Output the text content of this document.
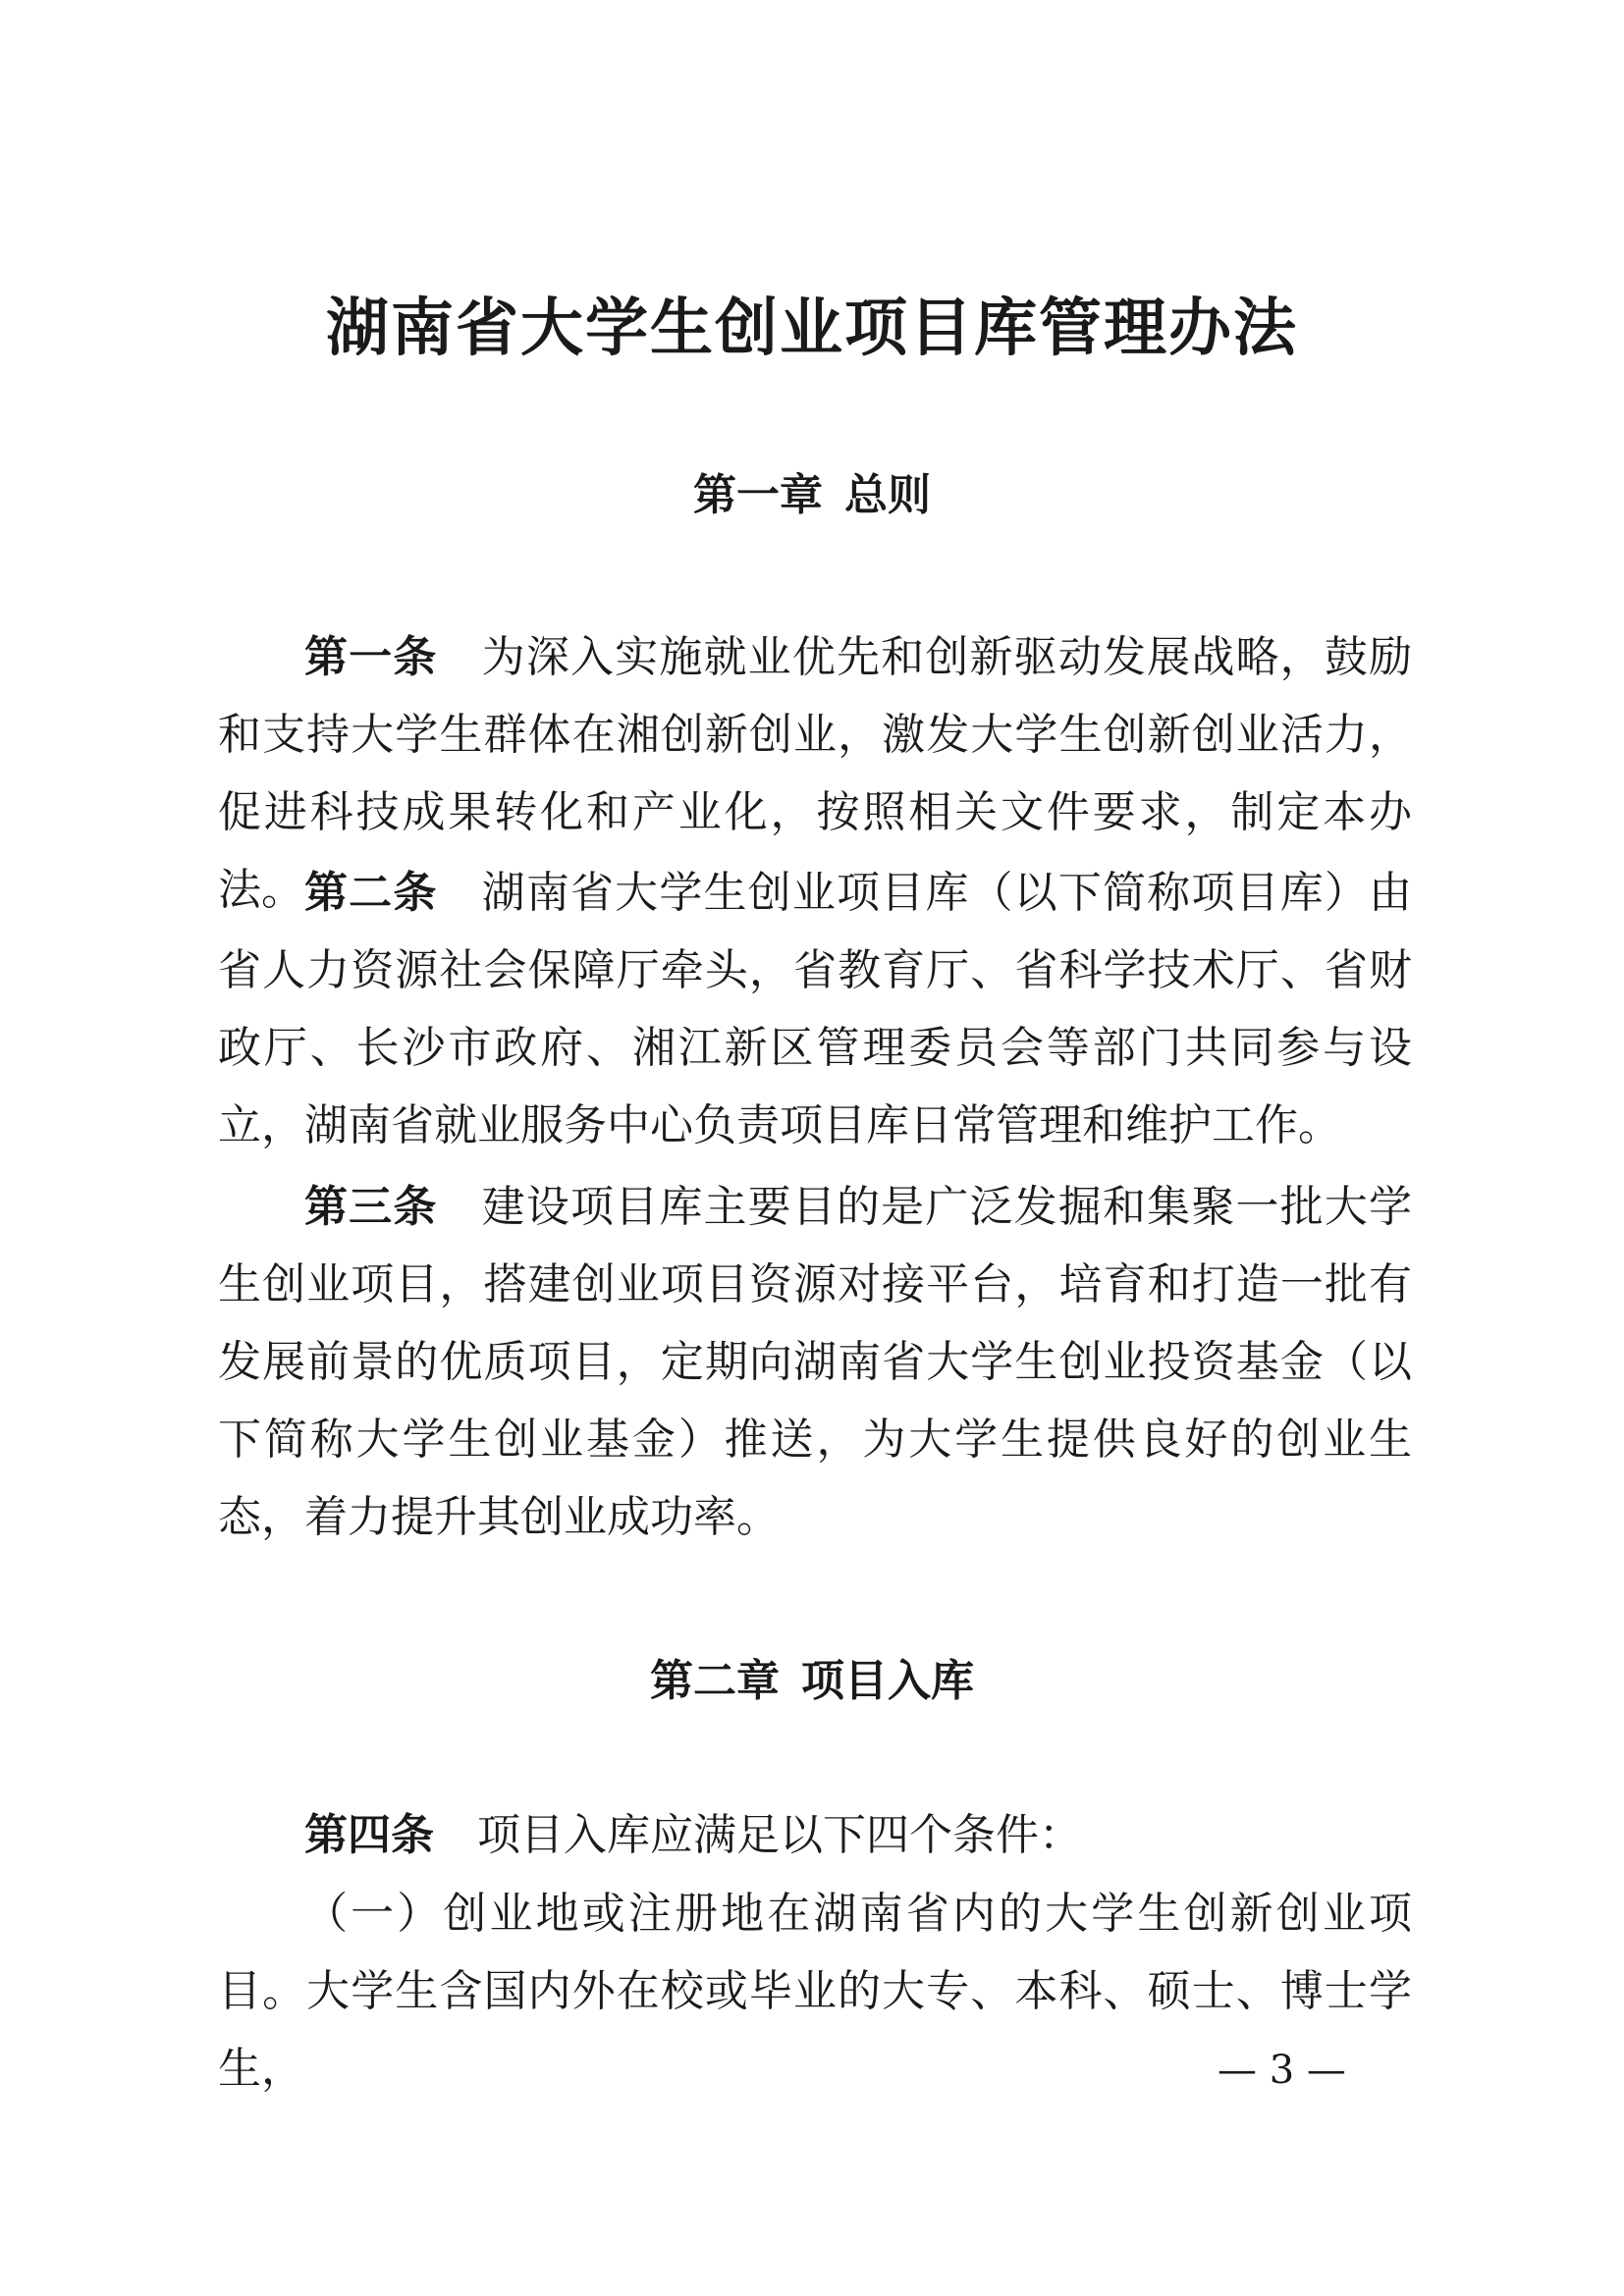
湖南省大学生创业项目库管理办法
第一章 总则

第一条 为深入实施就业优先和创新驱动发展战略，鼓励和支持大学生群体在湘创新创业，激发大学生创新创业活力，促进科技成果转化和产业化，按照相关文件要求，制定本办法。 第二条 湖南省大学生创业项目库（以下简称项目库）由省人力资源社会保障厅牵头，省教育厅、省科学技术厅、省财政厅、长沙市政府、湘江新区管理委员会等部门共同参与设立，湖南省就业服务中心负责项目库日常管理和维护工作。

第三条 建设项目库主要目的是广泛发掘和集聚一批大学生创业项目，搭建创业项目资源对接平台，培育和打造一批有发展前景的优质项目，定期向湖南省大学生创业投资基金（以下简称大学生创业基金）推送，为大学生提供良好的创业生态，着力提升其创业成功率。

第二章 项目入库

第四条 项目入库应满足以下四个条件：

（一）创业地或注册地在湖南省内的大学生创新创业项目。大学生含国内外在校或毕业的大专、本科、硕士、博士学生，	— 3 —
